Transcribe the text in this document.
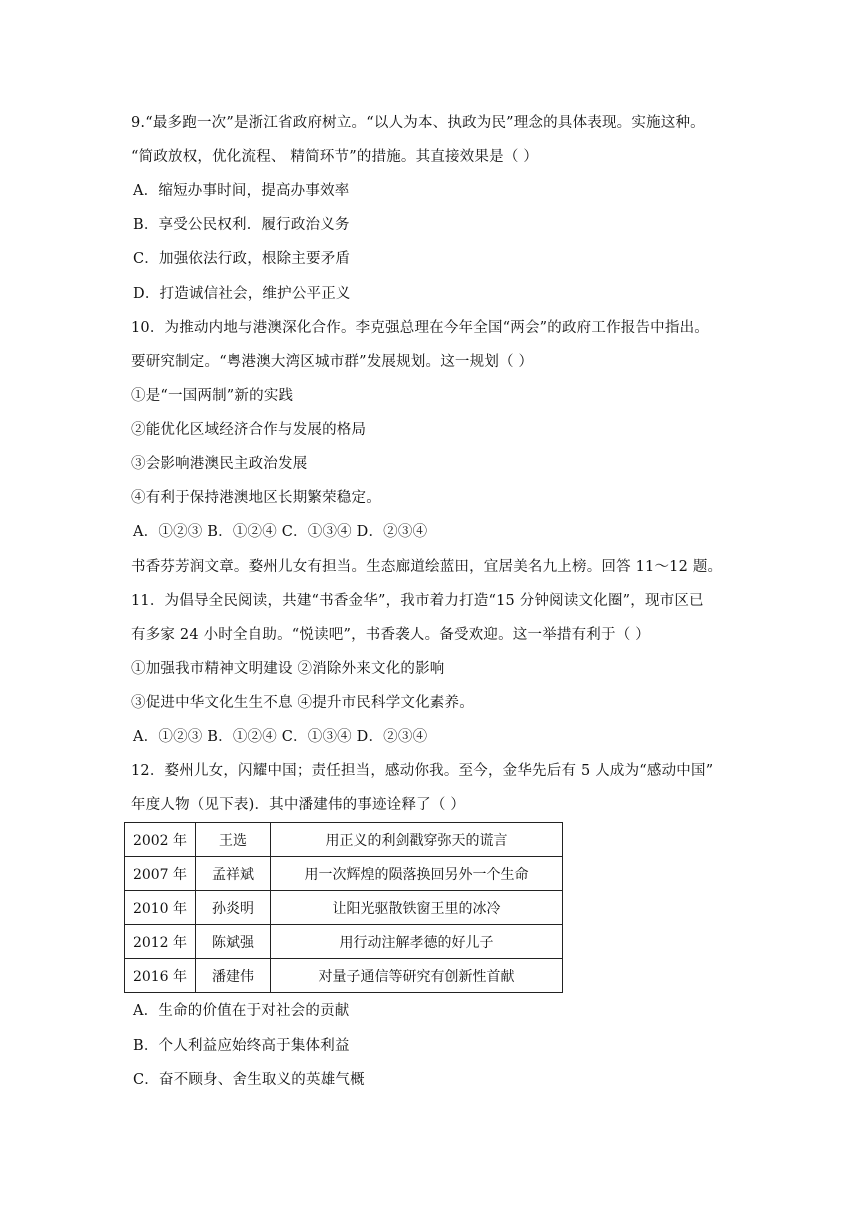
9.“最多跑一次”是浙江省政府树立。“以人为本、执政为民”理念的具体表现。实施这种。
“简政放权，优化流程、 精简环节”的措施。其直接效果是（ ）
A．缩短办事时间，提高办事效率
B．享受公民权利．履行政治义务
C．加强依法行政，根除主要矛盾
D．打造诚信社会，维护公平正义
10．为推动内地与港澳深化合作。李克强总理在今年全国“两会”的政府工作报告中指出。
要研究制定。“粤港澳大湾区城市群”发展规划。这一规划（ ）
①是“一国两制”新的实践
②能优化区域经济合作与发展的格局
③会影响港澳民主政治发展
④有利于保持港澳地区长期繁荣稳定。
A．①②③ B．①②④ C．①③④ D．②③④
书香芬芳润文章。婺州儿女有担当。生态廊道绘蓝田，宜居美名九上榜。回答 11～12 题。
11．为倡导全民阅读，共建“书香金华”，我市着力打造“15 分钟阅读文化圈”，现市区已
有多家 24 小时全自助。“悦读吧”，书香袭人。备受欢迎。这一举措有利于（ ）
①加强我市精神文明建设 ②消除外来文化的影响
③促进中华文化生生不息 ④提升市民科学文化素养。
A．①②③ B．①②④ C．①③④ D．②③④
12．婺州儿女，闪耀中国；责任担当，感动你我。至今，金华先后有 5 人成为“感动中国”
年度人物（见下表)．其中潘建伟的事迹诠释了（ ）
2002 年	王选	用正义的利剑戳穿弥天的谎言
2007 年	孟祥斌	用一次辉煌的陨落换回另外一个生命
2010 年	孙炎明	让阳光驱散铁窗王里的冰冷
2012 年	陈斌强	用行动注解孝德的好儿子
2016 年	潘建伟	对量子通信等研究有创新性首献
A．生命的价值在于对社会的贡献
B．个人利益应始终高于集体利益
C．奋不顾身、舍生取义的英雄气概
